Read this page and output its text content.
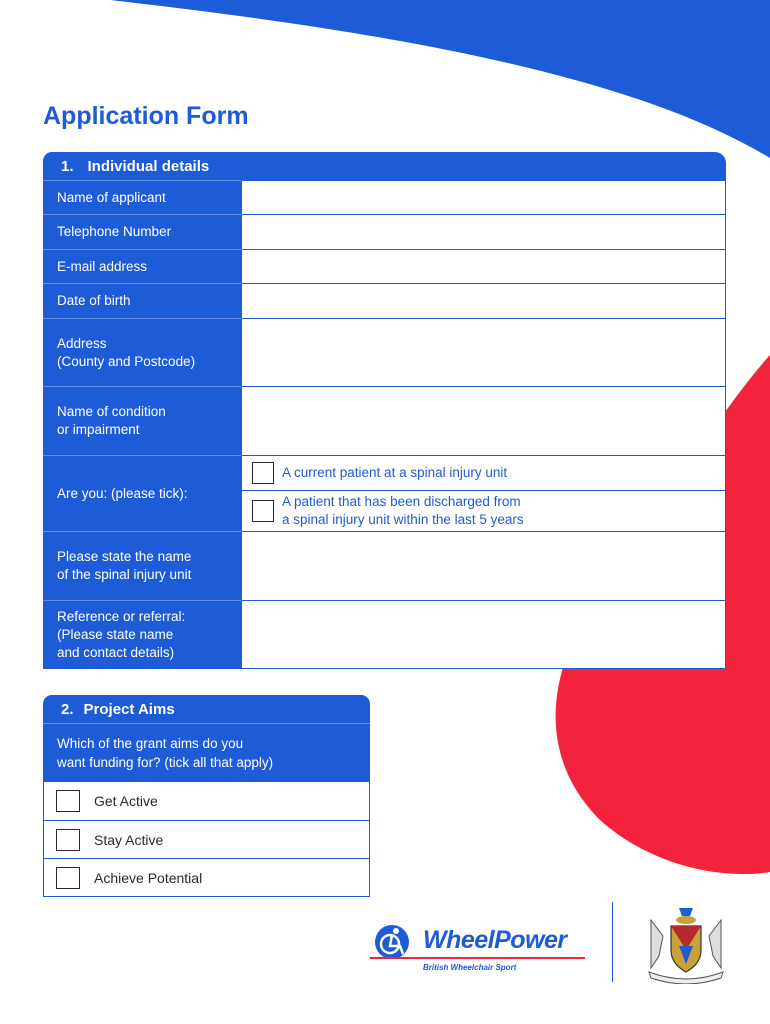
Application Form
1. Individual details
Name of applicant
Telephone Number
E-mail address
Date of birth
Address
(County and Postcode)
Name of condition
or impairment
Are you: (please tick):
A current patient at a spinal injury unit
A patient that has been discharged from
a spinal injury unit within the last 5 years
Please state the name
of the spinal injury unit
Reference or referral:
(Please state name
and contact details)
2. Project Aims
Which of the grant aims do you
want funding for? (tick all that apply)
Get Active
Stay Active
Achieve Potential
WheelPower
British Wheelchair Sport
